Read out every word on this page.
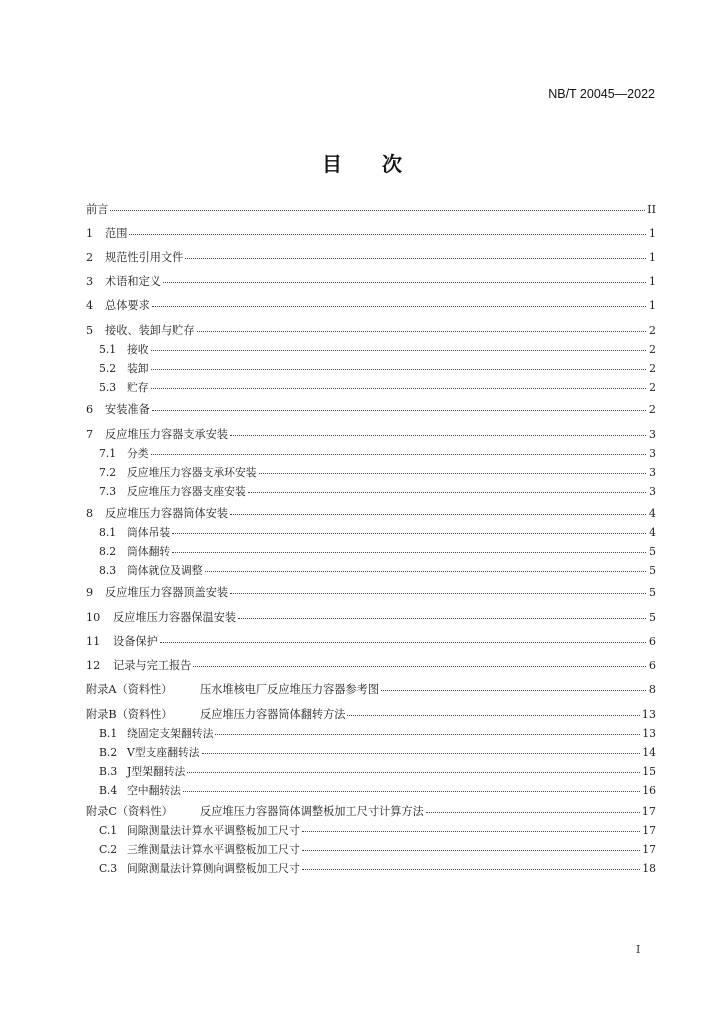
NB/T 20045—2022
目　　次
前言	II
1	范围	1
2	规范性引用文件	1
3	术语和定义	1
4	总体要求	1
5	接收、装卸与贮存	2
5.1	接收	2
5.2	装卸	2
5.3	贮存	2
6	安装准备	2
7	反应堆压力容器支承安装	3
7.1	分类	3
7.2	反应堆压力容器支承环安装	3
7.3	反应堆压力容器支座安装	3
8	反应堆压力容器筒体安装	4
8.1	筒体吊装	4
8.2	筒体翻转	5
8.3	筒体就位及调整	5
9	反应堆压力容器顶盖安装	5
10	反应堆压力容器保温安装	5
11	设备保护	6
12	记录与完工报告	6
附录A（资料性）	压水堆核电厂反应堆压力容器参考图	8
附录B（资料性）	反应堆压力容器筒体翻转方法	13
B.1 绕固定支架翻转法	13
B.2 V型支座翻转法	14
B.3 J型架翻转法	15
B.4 空中翻转法	16
附录C（资料性）	反应堆压力容器筒体调整板加工尺寸计算方法	17
C.1 间隙测量法计算水平调整板加工尺寸	17
C.2 三维测量法计算水平调整板加工尺寸	17
C.3 间隙测量法计算侧向调整板加工尺寸	18
I
